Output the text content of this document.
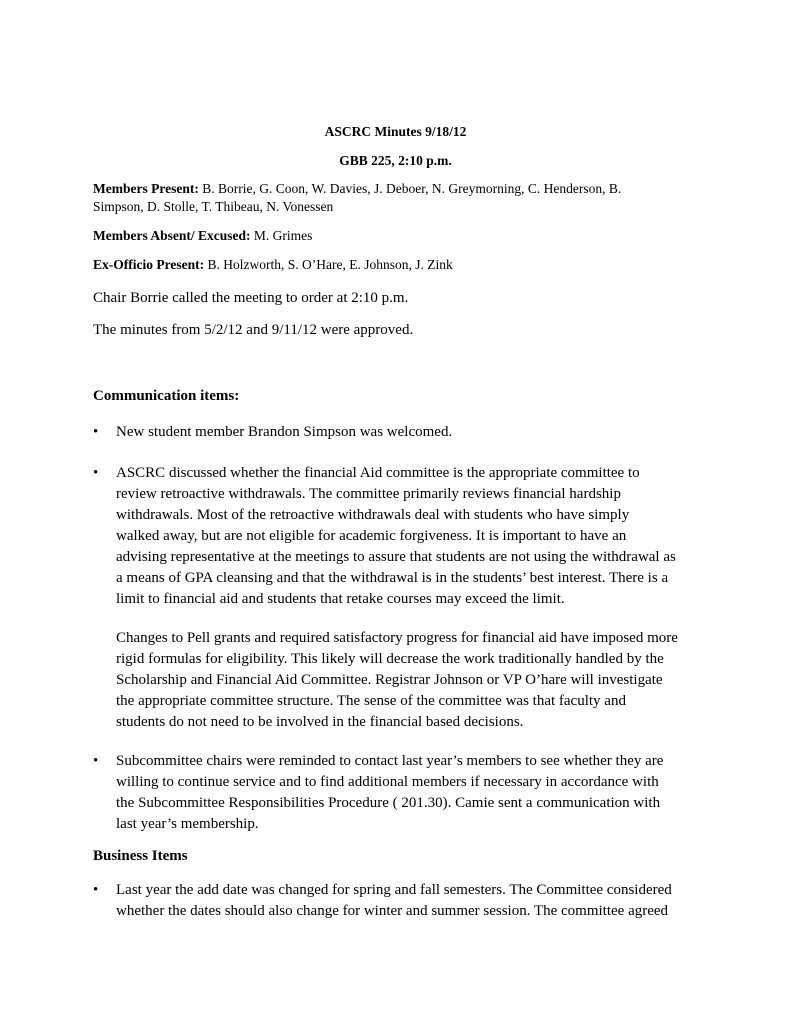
ASCRC Minutes 9/18/12
GBB 225, 2:10 p.m.
Members Present: B. Borrie, G. Coon, W. Davies, J. Deboer, N. Greymorning, C. Henderson, B.
Simpson, D. Stolle, T. Thibeau, N. Vonessen
Members Absent/ Excused: M. Grimes
Ex-Officio Present: B. Holzworth, S. O’Hare, E. Johnson, J. Zink
Chair Borrie called the meeting to order at 2:10 p.m.
The minutes from 5/2/12 and 9/11/12 were approved.
Communication items:
• New student member Brandon Simpson was welcomed.
• ASCRC discussed whether the financial Aid committee is the appropriate committee to
review retroactive withdrawals. The committee primarily reviews financial hardship
withdrawals. Most of the retroactive withdrawals deal with students who have simply
walked away, but are not eligible for academic forgiveness. It is important to have an
advising representative at the meetings to assure that students are not using the withdrawal as
a means of GPA cleansing and that the withdrawal is in the students’ best interest. There is a
limit to financial aid and students that retake courses may exceed the limit.
Changes to Pell grants and required satisfactory progress for financial aid have imposed more
rigid formulas for eligibility. This likely will decrease the work traditionally handled by the
Scholarship and Financial Aid Committee. Registrar Johnson or VP O’hare will investigate
the appropriate committee structure. The sense of the committee was that faculty and
students do not need to be involved in the financial based decisions.
• Subcommittee chairs were reminded to contact last year’s members to see whether they are
willing to continue service and to find additional members if necessary in accordance with
the Subcommittee Responsibilities Procedure ( 201.30). Camie sent a communication with
last year’s membership.
Business Items
• Last year the add date was changed for spring and fall semesters. The Committee considered
whether the dates should also change for winter and summer session. The committee agreed
